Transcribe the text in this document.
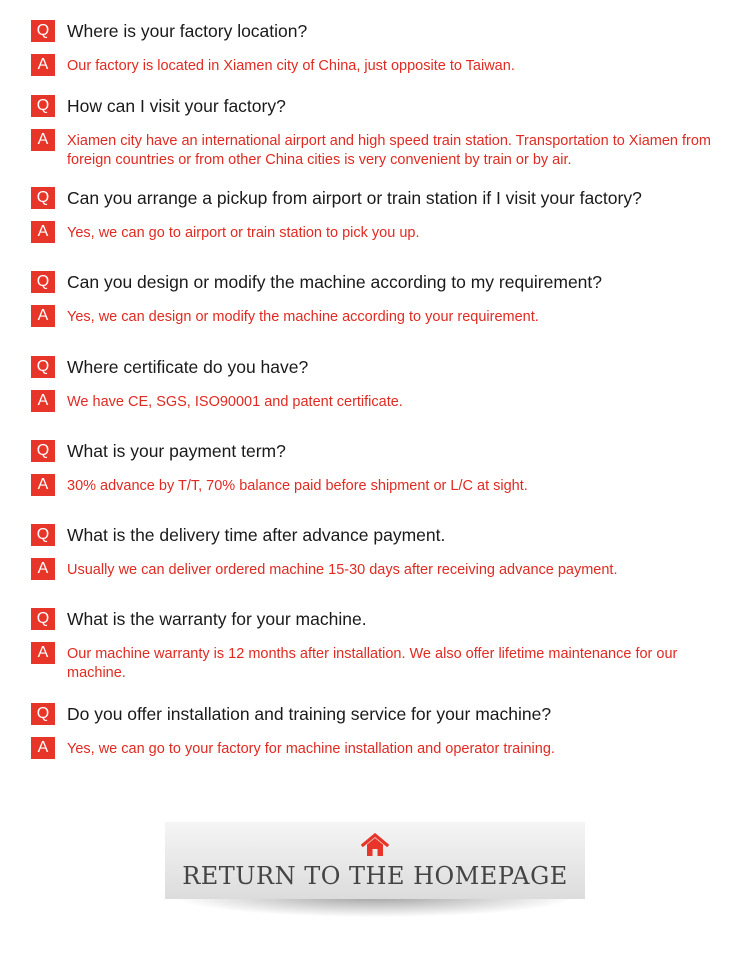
Q	Where is your factory location?
A	Our factory is located in Xiamen city of China, just opposite to Taiwan.
Q	How can I visit your factory?
A	Xiamen city have an international airport and high speed train station. Transportation to Xiamen from foreign countries or from other China cities is very convenient by train or by air.
Q	Can you arrange a pickup from airport or train station if I visit your factory?
A	Yes, we can go to airport or train station to pick you up.
Q	Can you design or modify the machine according to my requirement?
A	Yes, we can design or modify the machine according to your requirement.
Q	Where certificate do you have?
A	We have CE, SGS, ISO90001 and patent certificate.
Q	What is your payment term?
A	30% advance by T/T, 70% balance paid before shipment or L/C at sight.
Q	What is the delivery time after advance payment.
A	Usually we can deliver ordered machine 15-30 days after receiving advance payment.
Q	What is the warranty for your machine.
A	Our machine warranty is 12 months after installation. We also offer lifetime maintenance for our machine.
Q	Do you offer installation and training service for your machine?
A	Yes, we can go to your factory for machine installation and operator training.
RETURN TO THE HOMEPAGE
